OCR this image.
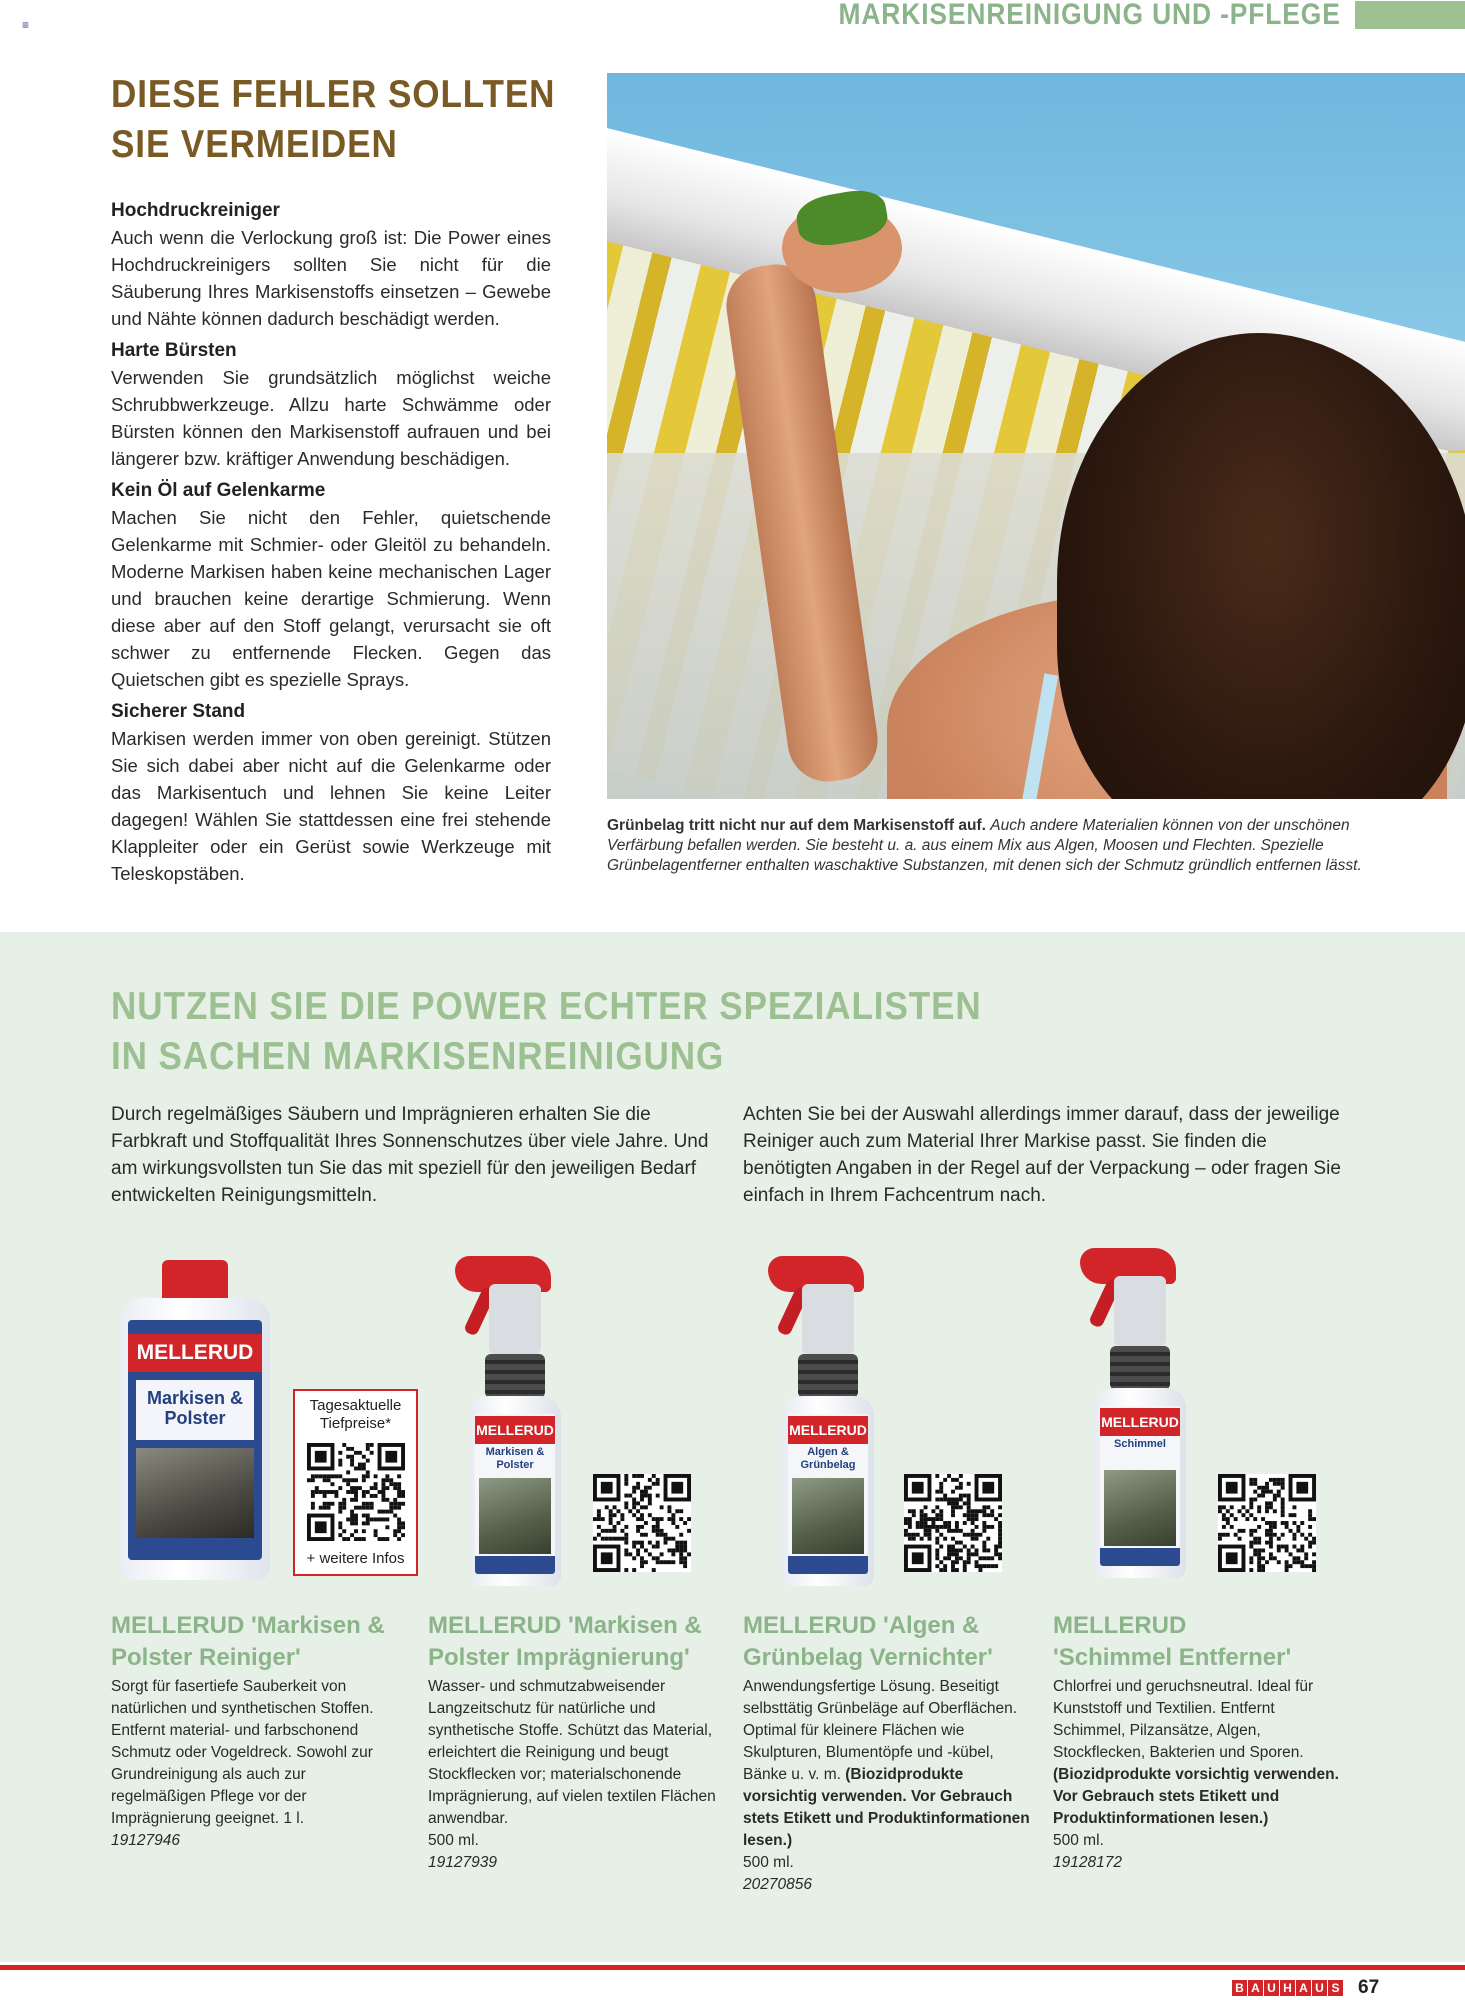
≡	MARKISENREINIGUNG UND -PFLEGE
DIESE FEHLER SOLLTEN
SIE VERMEIDEN
Hochdruckreiniger

Auch wenn die Verlockung groß ist: Die Power eines Hochdruckreinigers sollten Sie nicht für die Säuberung Ihres Markisenstoffs einsetzen – Gewebe und Nähte können dadurch beschädigt werden.

Harte Bürsten

Verwenden Sie grundsätzlich möglichst weiche Schrubbwerkzeuge. Allzu harte Schwämme oder Bürsten können den Markisenstoff aufrauen und bei längerer bzw. kräftiger Anwendung beschädigen.

Kein Öl auf Gelenkarme

Machen Sie nicht den Fehler, quietschende Gelenkarme mit Schmier- oder Gleitöl zu behandeln. Moderne Markisen haben keine mechanischen Lager und brauchen keine derartige Schmierung. Wenn diese aber auf den Stoff gelangt, verursacht sie oft schwer zu entfernende Flecken. Gegen das Quietschen gibt es spezielle Sprays.

Sicherer Stand

Markisen werden immer von oben gereinigt. Stützen Sie sich dabei aber nicht auf die Gelenkarme oder das Markisentuch und lehnen Sie keine Leiter dagegen! Wählen Sie stattdessen eine frei stehende Klappleiter oder ein Gerüst sowie Werkzeuge mit Teleskopstäben.

Grünbelag tritt nicht nur auf dem Markisenstoff auf. Auch andere Materialien können von der unschönen Verfärbung befallen werden. Sie besteht u. a. aus einem Mix aus Algen, Moosen und Flechten. Spezielle Grünbelagentferner enthalten waschaktive Substanzen, mit denen sich der Schmutz gründlich entfernen lässt.

NUTZEN SIE DIE POWER ECHTER SPEZIALISTEN
IN SACHEN MARKISENREINIGUNG

Durch regelmäßiges Säubern und Imprägnieren erhalten Sie die Farbkraft und Stoffqualität Ihres Sonnenschutzes über viele Jahre. Und am wirkungsvollsten tun Sie das mit speziell für den jeweiligen Bedarf entwickelten Reinigungsmitteln.

Achten Sie bei der Auswahl allerdings immer darauf, dass der jeweilige Reiniger auch zum Material Ihrer Markise passt. Sie finden die benötigten Angaben in der Regel auf der Verpackung – oder fragen Sie einfach in Ihrem Fachcentrum nach.

MELLERUD
Markisen &
Polster
Tagesaktuelle
Tiefpreise*
+ weitere Infos
MELLERUD
Markisen & Polster
MELLERUD
Algen & Grünbelag
MELLERUD
Schimmel
MELLERUD 'Markisen &
Polster Reiniger'

Sorgt für fasertiefe Sauberkeit von natürlichen und synthetischen Stoffen. Entfernt material- und farbschonend Schmutz oder Vogeldreck. Sowohl zur Grundreinigung als auch zur regelmäßigen Pflege vor der Imprägnierung geeignet. 1 l.

19127946
MELLERUD 'Markisen &
Polster Imprägnierung'

Wasser- und schmutzabweisender Langzeitschutz für natürliche und synthetische Stoffe. Schützt das Material, erleichtert die Reinigung und beugt Stockflecken vor; materialschonende Imprägnierung, auf vielen textilen Flächen anwendbar.

500 ml.
19127939
MELLERUD 'Algen &
Grünbelag Vernichter'

Anwendungsfertige Lösung. Beseitigt selbsttätig Grünbeläge auf Oberflächen. Optimal für kleinere Flächen wie Skulpturen, Blumentöpfe und -kübel, Bänke u. v. m. (Biozidprodukte vorsichtig verwenden. Vor Gebrauch stets Etikett und Produktinformationen lesen.)

500 ml.
20270856
MELLERUD
'Schimmel Entferner'

Chlorfrei und geruchsneutral. Ideal für Kunststoff und Textilien. Entfernt Schimmel, Pilzansätze, Algen, Stockflecken, Bakterien und Sporen. (Biozidprodukte vorsichtig verwenden. Vor Gebrauch stets Etikett und Produktinformationen lesen.)

500 ml.
19128172
B A U H A U S 67
